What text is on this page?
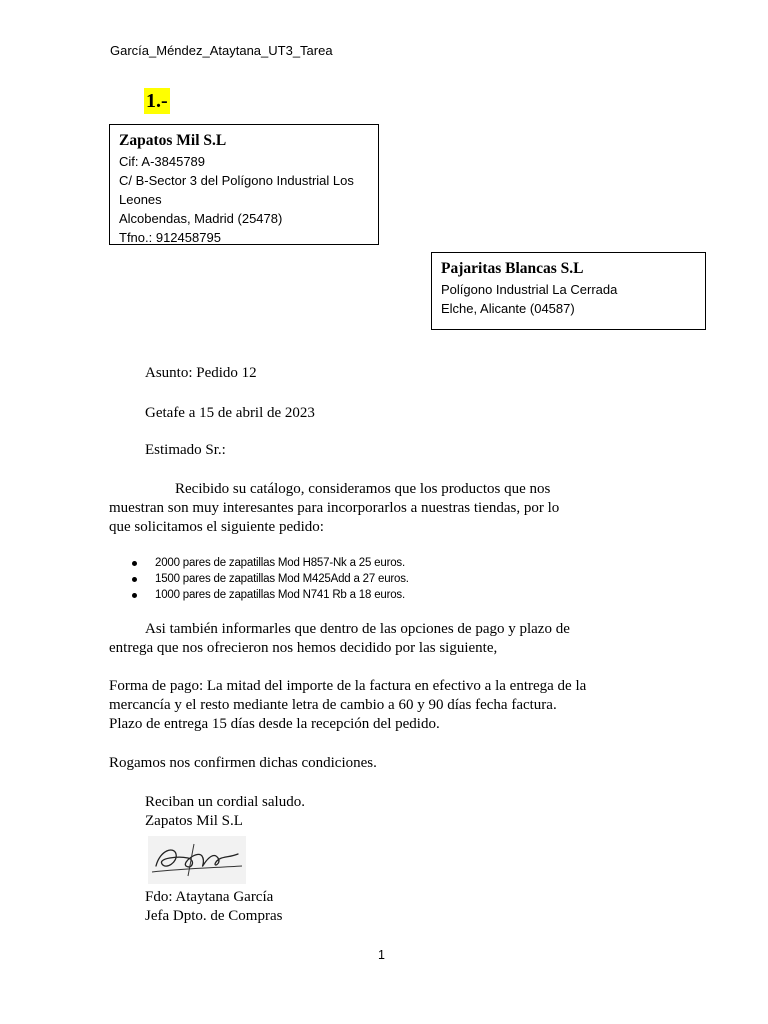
García_Méndez_Ataytana_UT3_Tarea
1.-
Zapatos Mil S.L
Cif: A-3845789
C/ B-Sector 3 del Polígono Industrial Los
Leones
Alcobendas, Madrid (25478)
Tfno.: 912458795
Pajaritas Blancas S.L
Polígono Industrial La Cerrada
Elche, Alicante (04587)
Asunto: Pedido 12
Getafe a 15 de abril de 2023
Estimado Sr.:
Recibido su catálogo, consideramos que los productos que nos
muestran son muy interesantes para incorporarlos a nuestras tiendas, por lo
que solicitamos el siguiente pedido:
2000 pares de zapatillas Mod H857-Nk a 25 euros.
1500 pares de zapatillas Mod M425Add a 27 euros.
1000 pares de zapatillas Mod N741 Rb a 18 euros.
Asi también informarles que dentro de las opciones de pago y plazo de
entrega que nos ofrecieron nos hemos decidido por las siguiente,
Forma de pago: La mitad del importe de la factura en efectivo a la entrega de la
mercancía y el resto mediante letra de cambio a 60 y 90 días fecha factura.
Plazo de entrega 15 días desde la recepción del pedido.
Rogamos nos confirmen dichas condiciones.
Reciban un cordial saludo.
Zapatos Mil S.L
Fdo: Ataytana García
Jefa Dpto. de Compras
1
